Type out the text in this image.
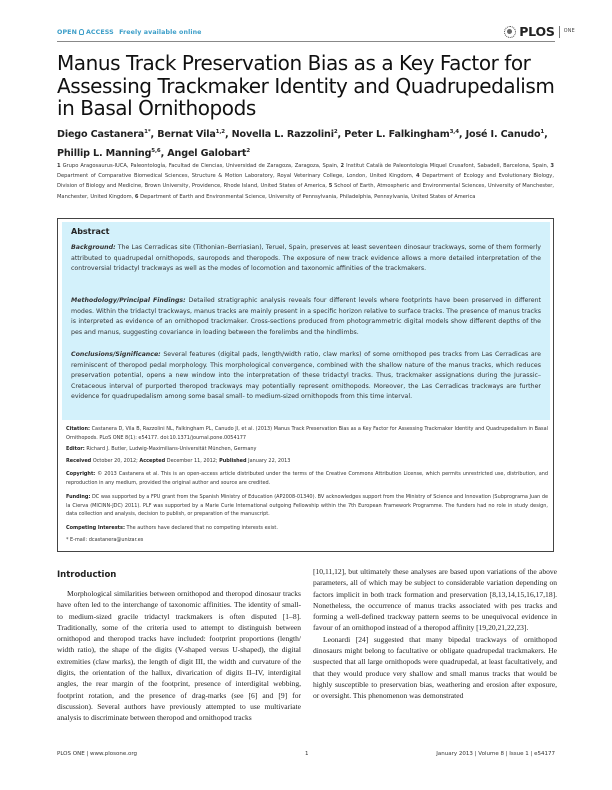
OPEN ACCESS Freely available online	PLOS ONE
Manus Track Preservation Bias as a Key Factor for Assessing Trackmaker Identity and Quadrupedalism in Basal Ornithopods
Diego Castanera$^{1*}$, Bernat Vila$^{1,2}$, Novella L. Razzolini$^2$, Peter L. Falkingham$^{3,4}$, José I. Canudo$^1$,
Phillip L. Manning$^{5,6}$, Angel Galobart$^2$
1 Grupo Aragosaurus-IUCA, Paleontología, Facultad de Ciencias, Universidad de Zaragoza, Zaragoza, Spain, 2 Institut Català de Paleontologia Miquel Crusafont, Sabadell, Barcelona, Spain, 3 Department of Comparative Biomedical Sciences, Structure & Motion Laboratory, Royal Veterinary College, London, United Kingdom, 4 Department of Ecology and Evolutionary Biology, Division of Biology and Medicine, Brown University, Providence, Rhode Island, United States of America, 5 School of Earth, Atmospheric and Environmental Sciences, University of Manchester, Manchester, United Kingdom, 6 Department of Earth and Environmental Science, University of Pennsylvania, Philadelphia, Pennsylvania, United States of America
Abstract
Background: The Las Cerradicas site (Tithonian–Berriasian), Teruel, Spain, preserves at least seventeen dinosaur trackways, some of them formerly attributed to quadrupedal ornithopods, sauropods and theropods. The exposure of new track evidence allows a more detailed interpretation of the controversial tridactyl trackways as well as the modes of locomotion and taxonomic affinities of the trackmakers.
Methodology/Principal Findings: Detailed stratigraphic analysis reveals four different levels where footprints have been preserved in different modes. Within the tridactyl trackways, manus tracks are mainly present in a specific horizon relative to surface tracks. The presence of manus tracks is interpreted as evidence of an ornithopod trackmaker. Cross-sections produced from photogrammetric digital models show different depths of the pes and manus, suggesting covariance in loading between the forelimbs and the hindlimbs.
Conclusions/Significance: Several features (digital pads, length/width ratio, claw marks) of some ornithopod pes tracks from Las Cerradicas are reminiscent of theropod pedal morphology. This morphological convergence, combined with the shallow nature of the manus tracks, which reduces preservation potential, opens a new window into the interpretation of these tridactyl tracks. Thus, trackmaker assignations during the Jurassic–Cretaceous interval of purported theropod trackways may potentially represent ornithopods. Moreover, the Las Cerradicas trackways are further evidence for quadrupedalism among some basal small- to medium-sized ornithopods from this time interval.
Citation: Castanera D, Vila B, Razzolini NL, Falkingham PL, Canudo JI, et al. (2013) Manus Track Preservation Bias as a Key Factor for Assessing Trackmaker Identity and Quadrupedalism in Basal Ornithopods. PLoS ONE 8(1): e54177. doi:10.1371/journal.pone.0054177
Editor: Richard J. Butler, Ludwig-Maximilians-Universität München, Germany
Received October 20, 2012; Accepted December 11, 2012; Published January 22, 2013
Copyright: © 2013 Castanera et al. This is an open-access article distributed under the terms of the Creative Commons Attribution License, which permits unrestricted use, distribution, and reproduction in any medium, provided the original author and source are credited.
Funding: DC was supported by a FPU grant from the Spanish Ministry of Education (AP2008-01340). BV acknowledges support from the Ministry of Science and Innovation (Subprograma Juan de la Cierva (MICINN-JDC) 2011). PLF was supported by a Marie Curie International outgoing Fellowship within the 7th European Framework Programme. The funders had no role in study design, data collection and analysis, decision to publish, or preparation of the manuscript.
Competing Interests: The authors have declared that no competing interests exist.
* E-mail: dcastanera@unizar.es
Introduction

Morphological similarities between ornithopod and theropod dinosaur tracks have often led to the interchange of taxonomic affinities. The identity of small- to medium-sized gracile tridactyl trackmakers is often disputed [1–8]. Traditionally, some of the criteria used to attempt to distinguish between ornithopod and theropod tracks have included: footprint proportions (length/ width ratio), the shape of the digits (V-shaped versus U-shaped), the digital extremities (claw marks), the length of digit III, the width and curvature of the digits, the orientation of the hallux, divarication of digits II–IV, interdigital angles, the rear margin of the footprint, presence of interdigital webbing, footprint rotation, and the presence of drag-marks (see [6] and [9] for discussion). Several authors have previously attempted to use multivariate analysis to discriminate between theropod and ornithopod tracks

[10,11,12], but ultimately these analyses are based upon variations of the above parameters, all of which may be subject to considerable variation depending on factors implicit in both track formation and preservation [8,13,14,15,16,17,18]. Nonetheless, the occurrence of manus tracks associated with pes tracks and forming a well-defined trackway pattern seems to be unequivocal evidence in favour of an ornithopod instead of a theropod affinity [19,20,21,22,23].

Leonardi [24] suggested that many bipedal trackways of ornithopod dinosaurs might belong to facultative or obligate quadrupedal trackmakers. He suspected that all large ornithopods were quadrupedal, at least facultatively, and that they would produce very shallow and small manus tracks that would be highly susceptible to preservation bias, weathering and erosion after exposure, or oversight. This phenomenon was demonstrated

PLOS ONE | www.plosone.org	1	January 2013 | Volume 8 | Issue 1 | e54177
